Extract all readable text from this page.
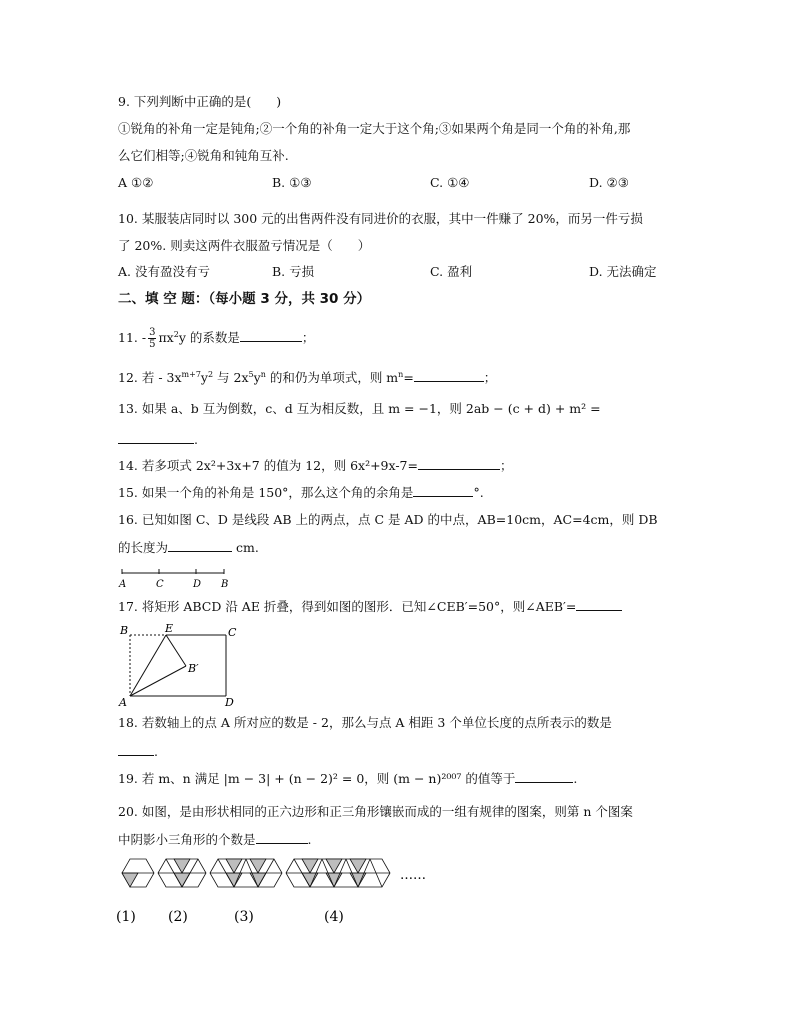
9. 下列判断中正确的是(　　)
①锐角的补角一定是钝角;②一个角的补角一定大于这个角;③如果两个角是同一个角的补角,那
么它们相等;④锐角和钝角互补.
A ①②	B. ①③	C. ①④	D. ②③
10. 某服装店同时以 300 元的出售两件没有同进价的衣服，其中一件赚了 20%，而另一件亏损
了 20%. 则卖这两件衣服盈亏情况是（　　）
A. 没有盈没有亏	B. 亏损	C. 盈利	D. 无法确定
二、填 空 题：（每小题 3 分，共 30 分）
11. - $\frac{3}{5} \pi x^2y$ 的系数是	；
12. 若 - $3x^{m+7}y^2$ 与 $2x^5y^n$ 的和仍为单项式，则 $m^n=$	；
13. 如果 a、b 互为倒数，c、d 互为相反数，且 m = −1，则 2ab − (c + d) + m² =
.
14. 若多项式 2x²+3x+7 的值为 12，则 6x²+9x-7=	；
15. 如果一个角的补角是 150°，那么这个角的余角是	°.
16. 已知如图 C、D 是线段 AB 上的两点，点 C 是 AD 的中点，AB=10cm，AC=4cm，则 DB
的长度为	cm.
A	C	D B
17. 将矩形 ABCD 沿 AE 折叠，得到如图的图形．已知∠CEB′=50°，则∠AEB′=
B	E	C
B′
A	D
18. 若数轴上的点 A 所对应的数是 - 2，那么与点 A 相距 3 个单位长度的点所表示的数是
.
19. 若 m、n 满足 |m − 3| + (n − 2)² = 0，则 (m − n)²⁰⁰⁷ 的值等于	.
20. 如图，是由形状相同的正六边形和正三角形镶嵌而成的一组有规律的图案，则第 n 个图案
中阴影小三角形的个数是	.
……
(1) (2)	(3)	(4)
